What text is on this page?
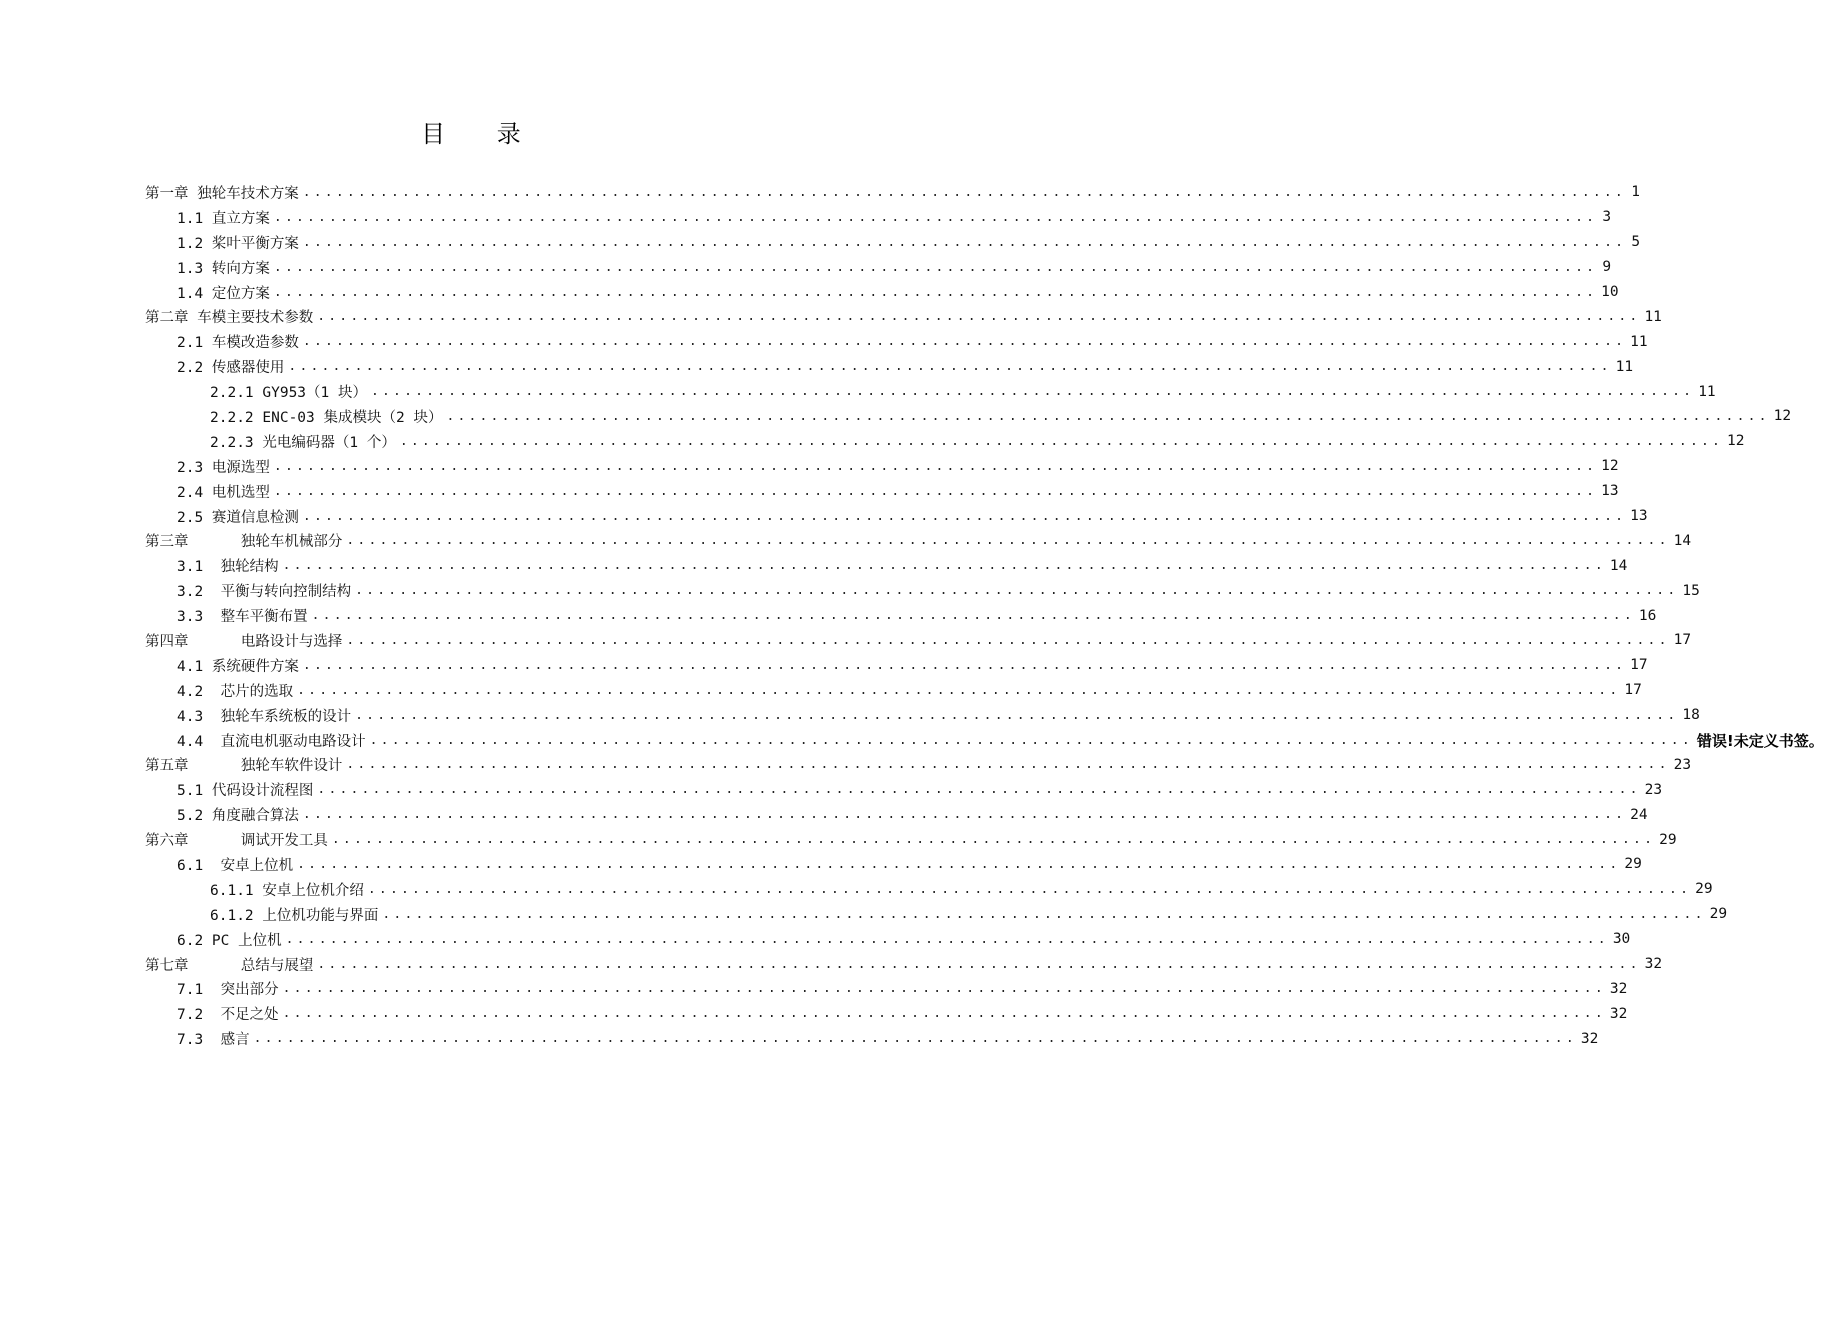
目 录
第一章 独轮车技术方案 ........................................................................................................................ 1
1.1 直立方案 ........................................................................................................................ 3
1.2 桨叶平衡方案 ........................................................................................................................ 5
1.3 转向方案 ........................................................................................................................ 9
1.4 定位方案 ........................................................................................................................ 10
第二章 车模主要技术参数 ........................................................................................................................ 11
2.1 车模改造参数 ........................................................................................................................ 11
2.2 传感器使用 ........................................................................................................................ 11
2.2.1 GY953（1 块） ........................................................................................................................ 11
2.2.2 ENC-03 集成模块（2 块） ........................................................................................................................ 12
2.2.3 光电编码器（1 个） ........................................................................................................................ 12
2.3 电源选型 ........................................................................................................................ 12
2.4 电机选型 ........................................................................................................................ 13
2.5 赛道信息检测 ........................................................................................................................ 13
第三章      独轮车机械部分 ........................................................................................................................ 14
3.1  独轮结构 ........................................................................................................................ 14
3.2  平衡与转向控制结构 ........................................................................................................................ 15
3.3  整车平衡布置 ........................................................................................................................ 16
第四章      电路设计与选择 ........................................................................................................................ 17
4.1 系统硬件方案 ........................................................................................................................ 17
4.2  芯片的选取 ........................................................................................................................ 17
4.3  独轮车系统板的设计 ........................................................................................................................ 18
4.4  直流电机驱动电路设计 ........................................................................................................................ 错误!未定义书签。
第五章      独轮车软件设计 ........................................................................................................................ 23
5.1 代码设计流程图 ........................................................................................................................ 23
5.2 角度融合算法 ........................................................................................................................ 24
第六章      调试开发工具 ........................................................................................................................ 29
6.1  安卓上位机 ........................................................................................................................ 29
6.1.1 安卓上位机介绍 ........................................................................................................................ 29
6.1.2 上位机功能与界面 ........................................................................................................................ 29
6.2 PC 上位机 ........................................................................................................................ 30
第七章      总结与展望 ........................................................................................................................ 32
7.1  突出部分 ........................................................................................................................ 32
7.2  不足之处 ........................................................................................................................ 32
7.3  感言 ........................................................................................................................ 32
